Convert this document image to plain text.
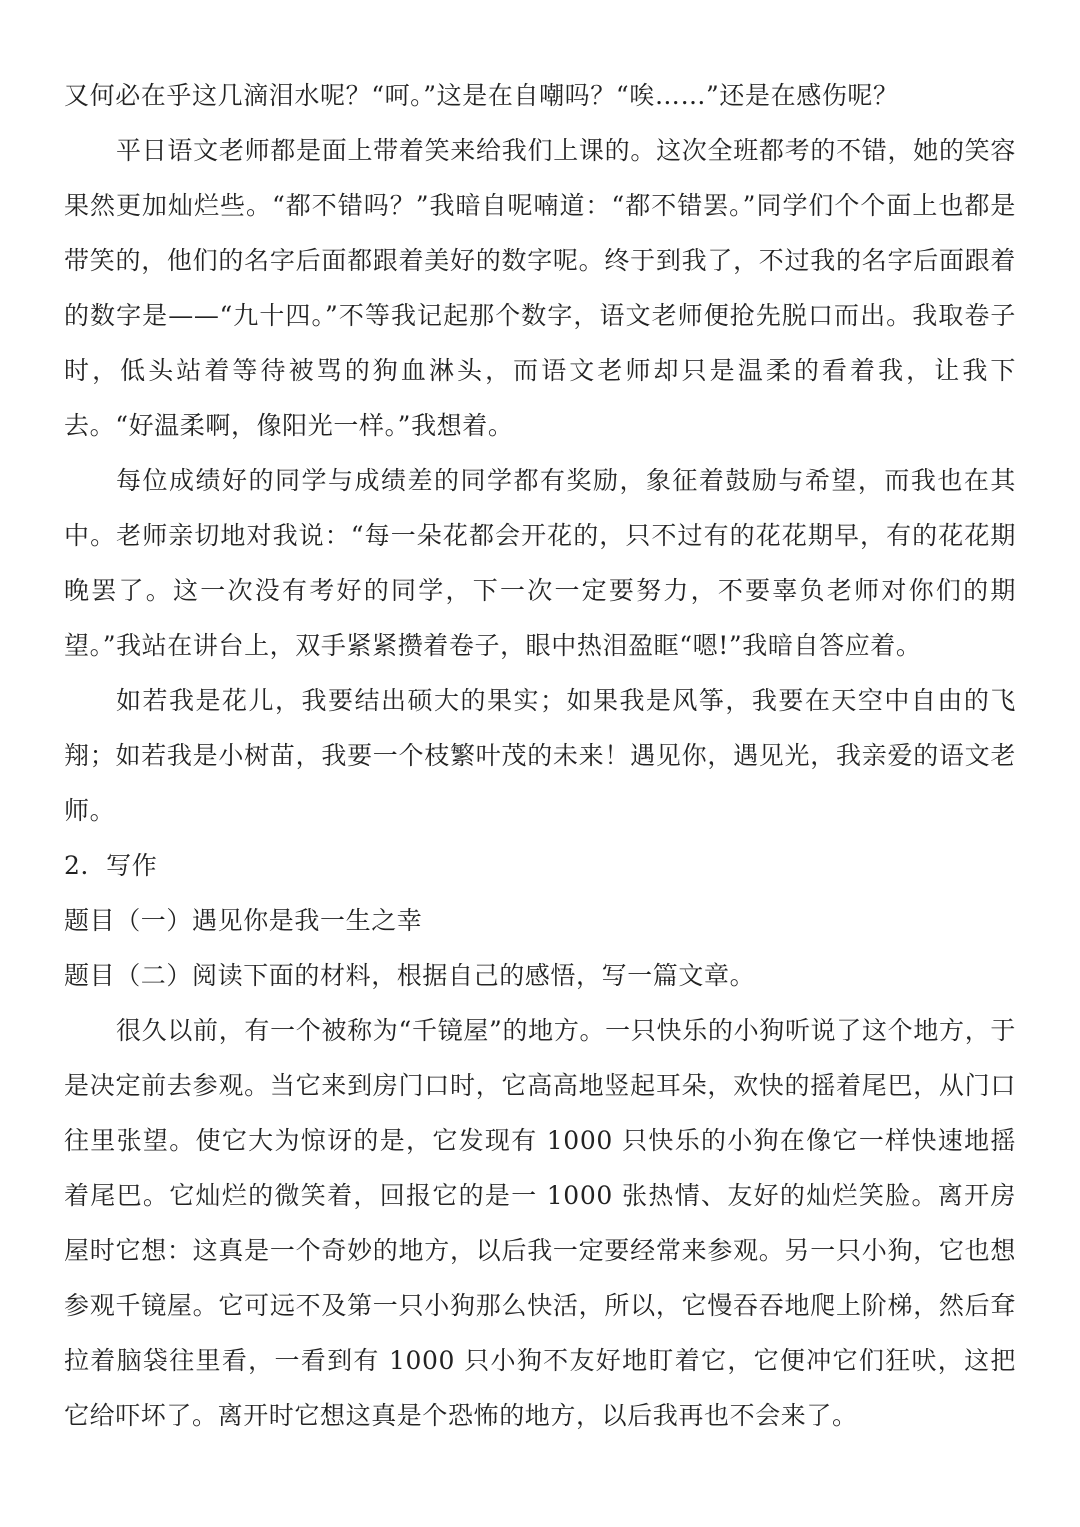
又何必在乎这几滴泪水呢？“呵。”这是在自嘲吗？“唉……”还是在感伤呢？

平日语文老师都是面上带着笑来给我们上课的。这次全班都考的不错，她的笑容果然更加灿烂些。“都不错吗？”我暗自呢喃道：“都不错罢。”同学们个个面上也都是带笑的，他们的名字后面都跟着美好的数字呢。终于到我了，不过我的名字后面跟着的数字是——“九十四。”不等我记起那个数字，语文老师便抢先脱口而出。我取卷子时，低头站着等待被骂的狗血淋头，而语文老师却只是温柔的看着我，让我下去。“好温柔啊，像阳光一样。”我想着。

每位成绩好的同学与成绩差的同学都有奖励，象征着鼓励与希望，而我也在其中。老师亲切地对我说：“每一朵花都会开花的，只不过有的花花期早，有的花花期晚罢了。这一次没有考好的同学，下一次一定要努力，不要辜负老师对你们的期望。”我站在讲台上，双手紧紧攒着卷子，眼中热泪盈眶“嗯!”我暗自答应着。

如若我是花儿，我要结出硕大的果实；如果我是风筝，我要在天空中自由的飞翔；如若我是小树苗，我要一个枝繁叶茂的未来！遇见你，遇见光，我亲爱的语文老师。

2．写作

题目（一）遇见你是我一生之幸

题目（二）阅读下面的材料，根据自己的感悟，写一篇文章。

很久以前，有一个被称为“千镜屋”的地方。一只快乐的小狗听说了这个地方，于是决定前去参观。当它来到房门口时，它高高地竖起耳朵，欢快的摇着尾巴，从门口往里张望。使它大为惊讶的是，它发现有 1000 只快乐的小狗在像它一样快速地摇着尾巴。它灿烂的微笑着，回报它的是一 1000 张热情、友好的灿烂笑脸。离开房屋时它想：这真是一个奇妙的地方，以后我一定要经常来参观。另一只小狗，它也想参观千镜屋。它可远不及第一只小狗那么快活，所以，它慢吞吞地爬上阶梯，然后耷拉着脑袋往里看，一看到有 1000 只小狗不友好地盯着它，它便冲它们狂吠，这把它给吓坏了。离开时它想这真是个恐怖的地方，以后我再也不会来了。
